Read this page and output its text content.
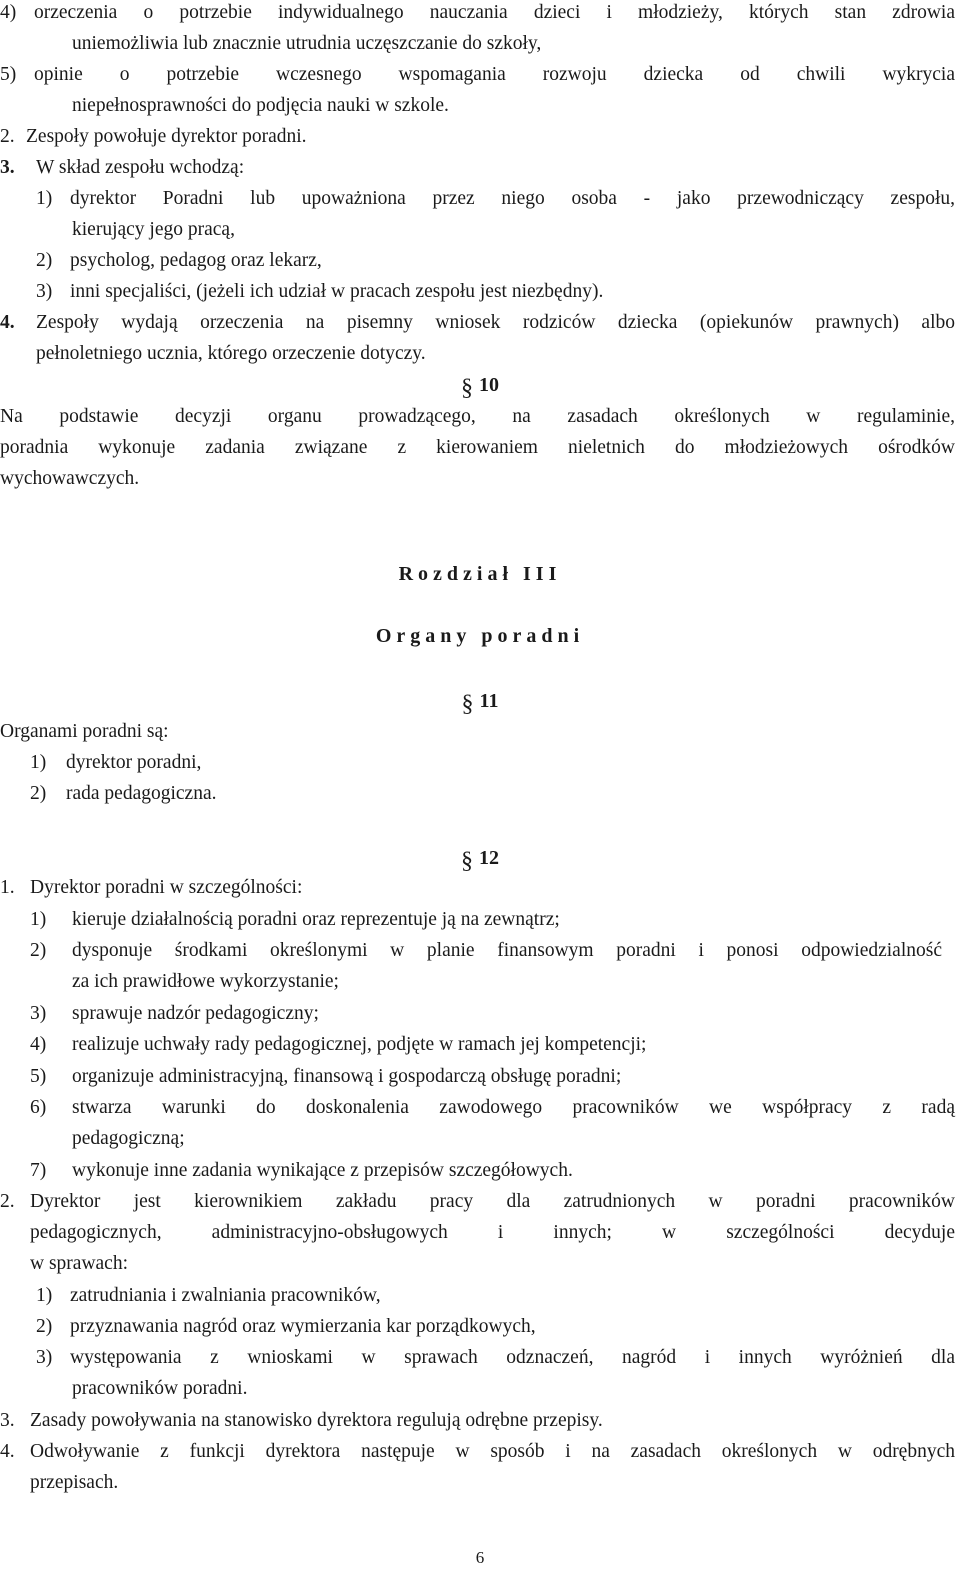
4) orzeczenia o potrzebie indywidualnego nauczania dzieci i młodzieży, których stan zdrowia
uniemożliwia lub znacznie utrudnia uczęszczanie do szkoły,
5) opinie o potrzebie wczesnego wspomagania rozwoju dziecka od chwili wykrycia
niepełnosprawności do podjęcia nauki w szkole.
2. Zespoły powołuje dyrektor poradni.
3. W skład zespołu wchodzą:
1) dyrektor Poradni lub upoważniona przez niego osoba - jako przewodniczący zespołu,
kierujący jego pracą,
2) psycholog, pedagog oraz lekarz,
3) inni specjaliści, (jeżeli ich udział w pracach zespołu jest niezbędny).
4. Zespoły wydają orzeczenia na pisemny wniosek rodziców dziecka (opiekunów prawnych) albo
pełnoletniego ucznia, którego orzeczenie dotyczy.
§ 10
Na podstawie decyzji organu prowadzącego, na zasadach określonych w regulaminie,
poradnia wykonuje zadania związane z kierowaniem nieletnich do młodzieżowych ośrodków
wychowawczych.
Rozdział III
Organy poradni
§ 11
Organami poradni są:
1) dyrektor poradni,
2) rada pedagogiczna.
§ 12
1. Dyrektor poradni w szczególności:
1) kieruje działalnością poradni oraz reprezentuje ją na zewnątrz;
2) dysponuje środkami określonymi w planie finansowym poradni i ponosi odpowiedzialność
za ich prawidłowe wykorzystanie;
3) sprawuje nadzór pedagogiczny;
4) realizuje uchwały rady pedagogicznej, podjęte w ramach jej kompetencji;
5) organizuje administracyjną, finansową i gospodarczą obsługę poradni;
6) stwarza warunki do doskonalenia zawodowego pracowników we współpracy z radą
pedagogiczną;
7) wykonuje inne zadania wynikające z przepisów szczegółowych.
2. Dyrektor jest kierownikiem zakładu pracy dla zatrudnionych w poradni pracowników
pedagogicznych, administracyjno-obsługowych i innych; w szczególności decyduje
w sprawach:
1) zatrudniania i zwalniania pracowników,
2) przyznawania nagród oraz wymierzania kar porządkowych,
3) występowania z wnioskami w sprawach odznaczeń, nagród i innych wyróżnień dla
pracowników poradni.
3. Zasady powoływania na stanowisko dyrektora regulują odrębne przepisy.
4. Odwoływanie z funkcji dyrektora następuje w sposób i na zasadach określonych w odrębnych
przepisach.
6
